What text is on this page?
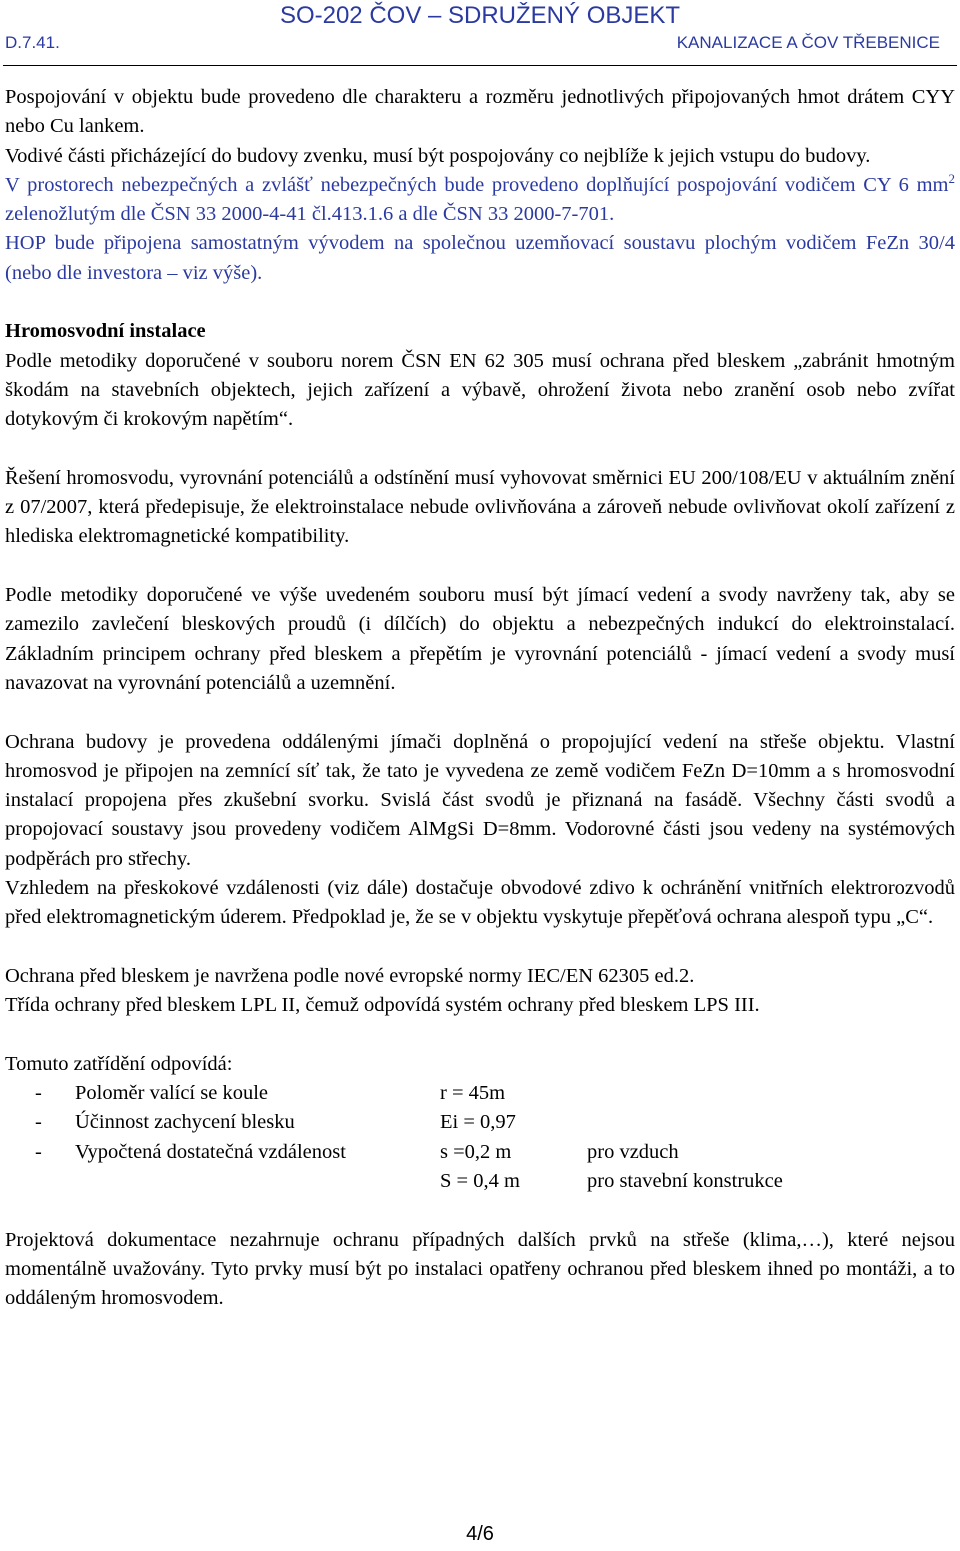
SO-202 ČOV – SDRUŽENÝ OBJEKT
D.7.41.	KANALIZACE A ČOV TŘEBENICE

Pospojování v objektu bude provedeno dle charakteru a rozměru jednotlivých připojovaných hmot drátem CYY nebo Cu lankem.

Vodivé části přicházející do budovy zvenku, musí být pospojovány co nejblíže k jejich vstupu do budovy.

V prostorech nebezpečných a zvlášť nebezpečných bude provedeno doplňující pospojování vodičem CY 6 $mm^2$ zelenožlutým dle ČSN 33 2000-4-41 čl.413.1.6 a dle ČSN 33 2000-7-701.

HOP bude připojena samostatným vývodem na společnou uzemňovací soustavu plochým vodičem FeZn 30/4 (nebo dle investora – viz výše).

Hromosvodní instalace

Podle metodiky doporučené v souboru norem ČSN EN 62 305 musí ochrana před bleskem „zabránit hmotným škodám na stavebních objektech, jejich zařízení a výbavě, ohrožení života nebo zranění osob nebo zvířat dotykovým či krokovým napětím“.

Řešení hromosvodu, vyrovnání potenciálů a odstínění musí vyhovovat směrnici EU 200/108/EU v aktuálním znění z 07/2007, která předepisuje, že elektroinstalace nebude ovlivňována a zároveň nebude ovlivňovat okolí zařízení z hlediska elektromagnetické kompatibility.

Podle metodiky doporučené ve výše uvedeném souboru musí být jímací vedení a svody navrženy tak, aby se zamezilo zavlečení bleskových proudů (i dílčích) do objektu a nebezpečných indukcí do elektroinstalací. Základním principem ochrany před bleskem a přepětím je vyrovnání potenciálů - jímací vedení a svody musí navazovat na vyrovnání potenciálů a uzemnění.

Ochrana budovy je provedena oddálenými jímači doplněná o propojující vedení na střeše objektu. Vlastní hromosvod je připojen na zemnící síť tak, že tato je vyvedena ze země vodičem FeZn D=10mm a s hromosvodní instalací propojena přes zkušební svorku. Svislá část svodů je přiznaná na fasádě. Všechny části svodů a propojovací soustavy jsou provedeny vodičem AlMgSi D=8mm. Vodorovné části jsou vedeny na systémových podpěrách pro střechy.

Vzhledem na přeskokové vzdálenosti (viz dále) dostačuje obvodové zdivo k ochránění vnitřních elektrorozvodů před elektromagnetickým úderem. Předpoklad je, že se v objektu vyskytuje přepěťová ochrana alespoň typu „C“.

Ochrana před bleskem je navržena podle nové evropské normy IEC/EN 62305 ed.2.

Třída ochrany před bleskem LPL II, čemuž odpovídá systém ochrany před bleskem LPS III.

Tomuto zatřídění odpovídá:

-	Poloměr valící se koule	r = 45m	
-	Účinnost zachycení blesku	Ei = 0,97	
-	Vypočtená dostatečná vzdálenost	s =0,2 m	pro vzduch
		S = 0,4 m	pro stavební konstrukce

Projektová dokumentace nezahrnuje ochranu případných dalších prvků na střeše (klima,…), které nejsou momentálně uvažovány. Tyto prvky musí být po instalaci opatřeny ochranou před bleskem ihned po montáži, a to oddáleným hromosvodem.

4/6
